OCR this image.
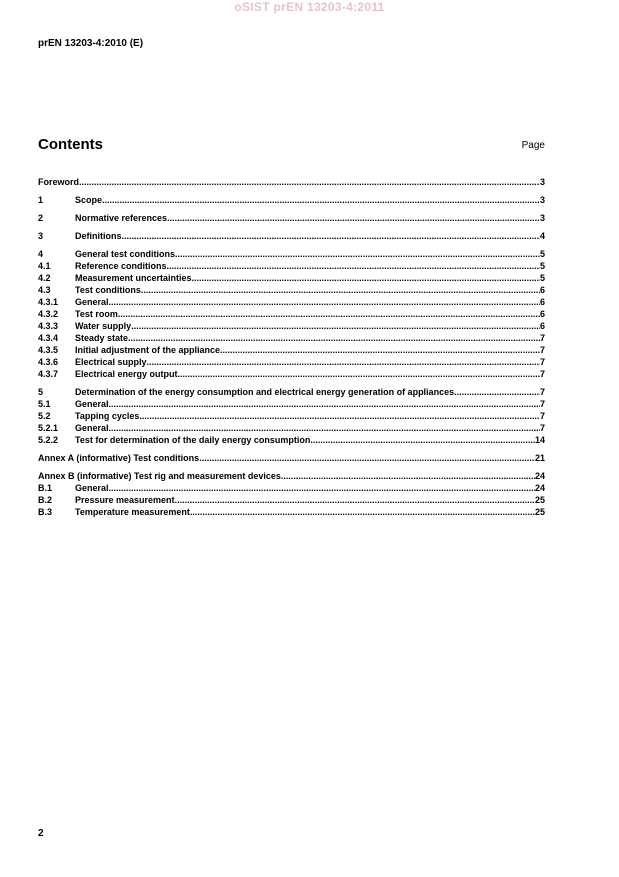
oSIST prEN 13203-4:2011
prEN 13203-4:2010 (E)
Contents	Page
Foreword .....	3
1	Scope .....	3
2	Normative references .....	3
3	Definitions .....	4
4	General test conditions .....	5
4.1	Reference conditions .....	5
4.2	Measurement uncertainties .....	5
4.3	Test conditions .....	6
4.3.1	General .....	6
4.3.2	Test room .....	6
4.3.3	Water supply .....	6
4.3.4	Steady state .....	7
4.3.5	Initial adjustment of the appliance .....	7
4.3.6	Electrical supply .....	7
4.3.7	Electrical energy output .....	7
5	Determination of the energy consumption and electrical energy generation of appliances .....	7
5.1	General .....	7
5.2	Tapping cycles .....	7
5.2.1	General .....	7
5.2.2	Test for determination of the daily energy consumption .....	14
Annex A (informative) Test conditions .....	21
Annex B (informative) Test rig and measurement devices .....	24
B.1	General .....	24
B.2	Pressure measurement .....	25
B.3	Temperature measurement .....	25
2
